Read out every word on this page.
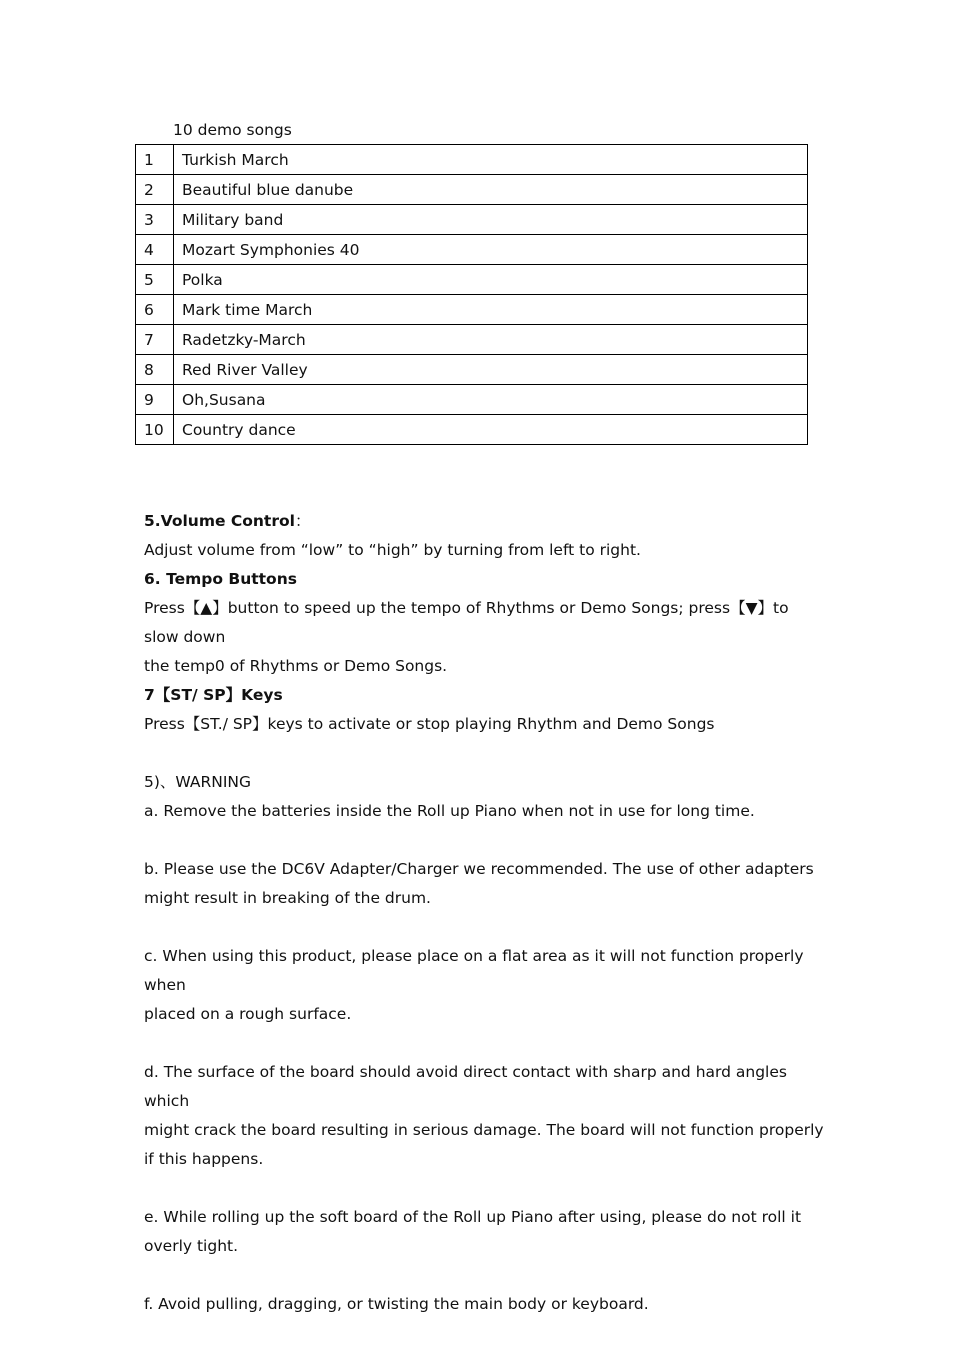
10 demo songs
1	Turkish March
2	Beautiful blue danube
3	Military band
4	Mozart Symphonies 40
5	Polka
6	Mark time March
7	Radetzky-March
8	Red River Valley
9	Oh,Susana
10	Country dance

5.Volume Control：

Adjust volume from “low” to “high” by turning from left to right.

6. Tempo Buttons

Press【▲】button to speed up the tempo of Rhythms or Demo Songs; press【▼】to slow down

the temp0 of Rhythms or Demo Songs.

7【ST/ SP】Keys

Press【ST./ SP】keys to activate or stop playing Rhythm and Demo Songs

5)、WARNING

a. Remove the batteries inside the Roll up Piano when not in use for long time.

b. Please use the DC6V Adapter/Charger we recommended. The use of other adapters

might result in breaking of the drum.

c. When using this product, please place on a flat area as it will not function properly when

placed on a rough surface.

d. The surface of the board should avoid direct contact with sharp and hard angles which

might crack the board resulting in serious damage. The board will not function properly

if this happens.

e. While rolling up the soft board of the Roll up Piano after using, please do not roll it

overly tight.

f. Avoid pulling, dragging, or twisting the main body or keyboard.
